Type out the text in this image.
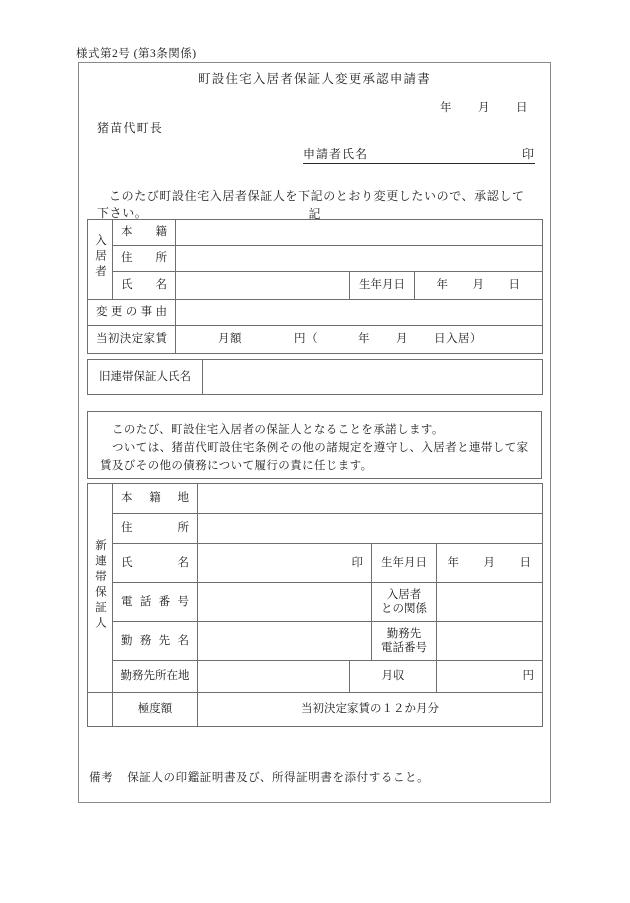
様式第2号 (第3条関係)
町設住宅入居者保証人変更承認申請書
年 月 日
猪苗代町長
申請者氏名	印
このたび町設住宅入居者保証人を下記のとおり変更したいので、承認して下さい。	記
入居者	本籍			
	住所			
	氏名		生年月日	年 月 日
変更の事由				
当初決定家賃		月額 円（ 年 月 日入居）		
旧連帯保証人氏名	

このたび、町設住宅入居者の保証人となることを承諾します。

ついては、猪苗代町設住宅条例その他の諸規定を遵守し、入居者と連帯して家

賃及びその他の債務について履行の責に任じます。

新連帯保証人	本籍地				
	住所				
	氏名	印		生年月日	年 月 日
	電話番号			入居者
との関係	
	勤務先名			勤務先
電話番号	
	勤務先所在地		月収		円
	極度額	当初決定家賃の１２か月分			
備考 保証人の印鑑証明書及び、所得証明書を添付すること。
